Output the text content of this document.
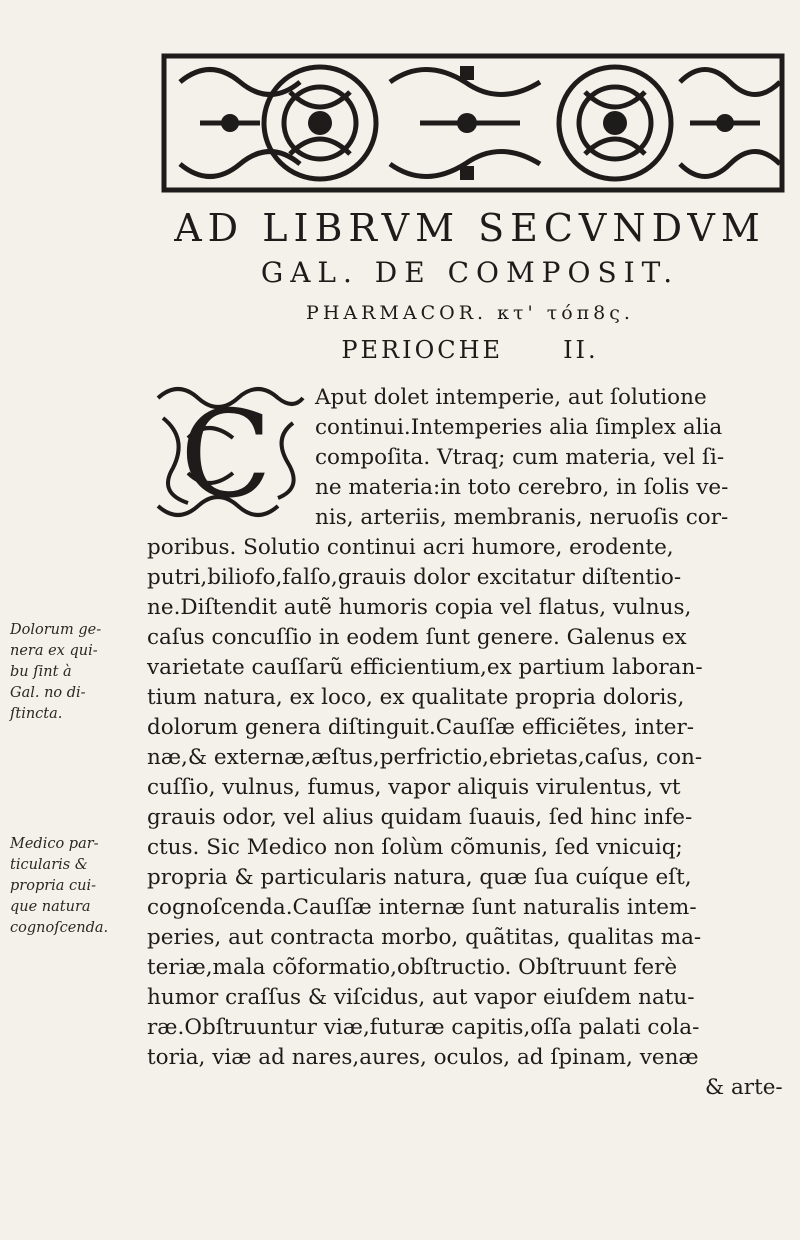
AD LIBRVM SECVNDVM
GAL. DE COMPOSIT.
PHARMACOR. κτ' τόπ8ς.
PERIOCHE	II.
C Aput dolet intemperie, aut ſolutione
continui.Intemperies alia ſimplex alia
compoſita. Vtraq; cum materia, vel ſi-
ne materia:in toto cerebro, in ſolis ve-
nis, arteriis, membranis, neruoſis cor-
poribus. Solutio continui acri humore, erodente,
putri,biliofo,falſo,grauis dolor excitatur diſtentio-
ne.Diſtendit autẽ humoris copia vel flatus, vulnus,
caſus concuſſio in eodem ſunt genere. Galenus ex
varietate cauſſarũ efficientium,ex partium laboran-
tium natura, ex loco, ex qualitate propria doloris,
dolorum genera diſtinguit.Cauſſæ efficiẽtes, inter-
næ,& externæ,æſtus,perfrictio,ebrietas,caſus, con-
cuſſio, vulnus, fumus, vapor aliquis virulentus, vt
grauis odor, vel alius quidam ſuauis, ſed hinc infe-
ctus. Sic Medico non ſolùm cõmunis, ſed vnicuiq;
propria & particularis natura, quæ ſua cuíque eſt,
cognoſcenda.Cauſſæ internæ ſunt naturalis intem-
peries, aut contracta morbo, quãtitas, qualitas ma-
teriæ,mala cõformatio,obſtructio. Obſtruunt ferè
humor craſſus & viſcidus, aut vapor eiuſdem natu-
ræ.Obſtruuntur viæ,futuræ capitis,oſſa palati cola-
toria, viæ ad nares,aures, oculos, ad ſpinam, venæ
& arte-
Dolorum ge-
nera ex qui-
bu ſint à
Gal. no di-
ſtincta.
Medico par-
ticularis &
propria cui-
que natura
cognoſcenda.
